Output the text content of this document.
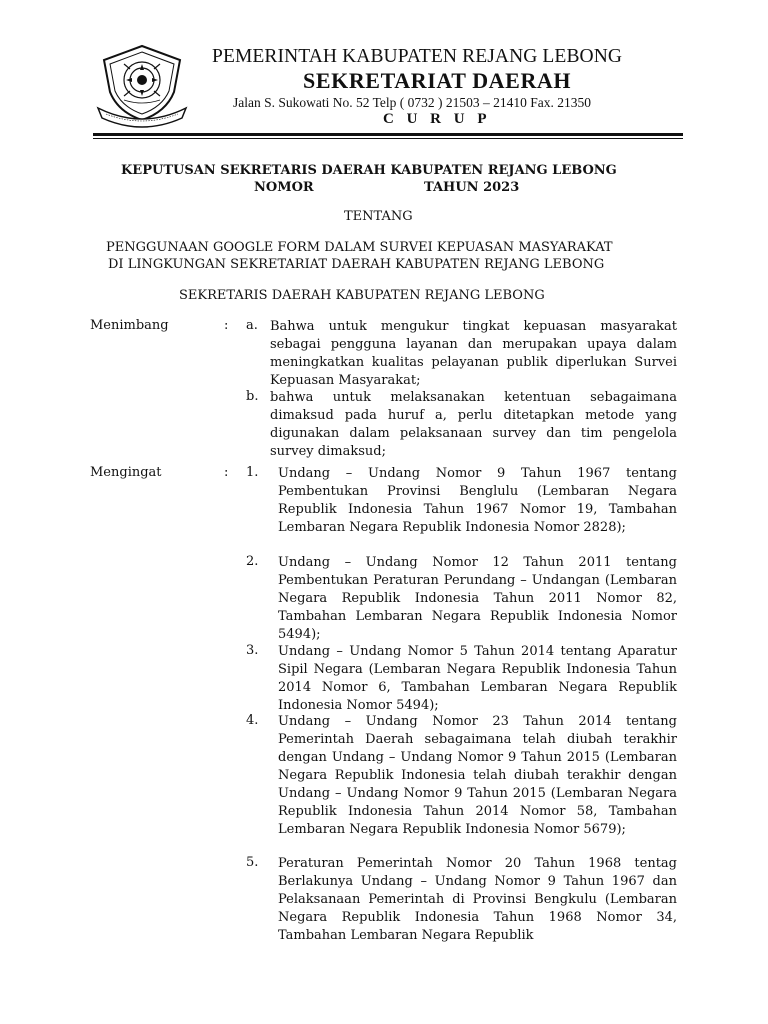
PEMERINTAH KABUPATEN REJANG LEBONG
SEKRETARIAT DAERAH
Jalan S. Sukowati No. 52 Telp ( 0732 ) 21503 – 21410 Fax. 21350
C U R U P
KEPUTUSAN SEKRETARIS DAERAH KABUPATEN REJANG LEBONG
NOMOR	TAHUN 2023
TENTANG
PENGGUNAAN GOOGLE FORM DALAM SURVEI KEPUASAN MASYARAKAT
DI LINGKUNGAN SEKRETARIAT DAERAH KABUPATEN REJANG LEBONG
SEKRETARIS DAERAH KABUPATEN REJANG LEBONG
Menimbang	: a. Bahwa untuk mengukur tingkat kepuasan masyarakat sebagai pengguna layanan dan merupakan upaya dalam meningkatkan kualitas pelayanan publik diperlukan Survei Kepuasan Masyarakat;
b. bahwa untuk melaksanakan ketentuan sebagaimana dimaksud pada huruf a, perlu ditetapkan metode yang digunakan dalam pelaksanaan survey dan tim pengelola survey dimaksud;
Mengingat	: 1. Undang – Undang Nomor 9 Tahun 1967 tentang Pembentukan Provinsi Benglulu (Lembaran Negara Republik Indonesia Tahun 1967 Nomor 19, Tambahan Lembaran Negara Republik Indonesia Nomor 2828);
2. Undang – Undang Nomor 12 Tahun 2011 tentang Pembentukan Peraturan Perundang – Undangan (Lembaran Negara Republik Indonesia Tahun 2011 Nomor 82, Tambahan Lembaran Negara Republik Indonesia Nomor 5494);
3. Undang – Undang Nomor 5 Tahun 2014 tentang Aparatur Sipil Negara (Lembaran Negara Republik Indonesia Tahun 2014 Nomor 6, Tambahan Lembaran Negara Republik Indonesia Nomor 5494);
4. Undang – Undang Nomor 23 Tahun 2014 tentang Pemerintah Daerah sebagaimana telah diubah terakhir dengan Undang – Undang Nomor 9 Tahun 2015 (Lembaran Negara Republik Indonesia telah diubah terakhir dengan Undang – Undang Nomor 9 Tahun 2015 (Lembaran Negara Republik Indonesia Tahun 2014 Nomor 58, Tambahan Lembaran Negara Republik Indonesia Nomor 5679);
5. Peraturan Pemerintah Nomor 20 Tahun 1968 tentag Berlakunya Undang – Undang Nomor 9 Tahun 1967 dan Pelaksanaan Pemerintah di Provinsi Bengkulu (Lembaran Negara Republik Indonesia Tahun 1968 Nomor 34, Tambahan Lembaran Negara Republik
